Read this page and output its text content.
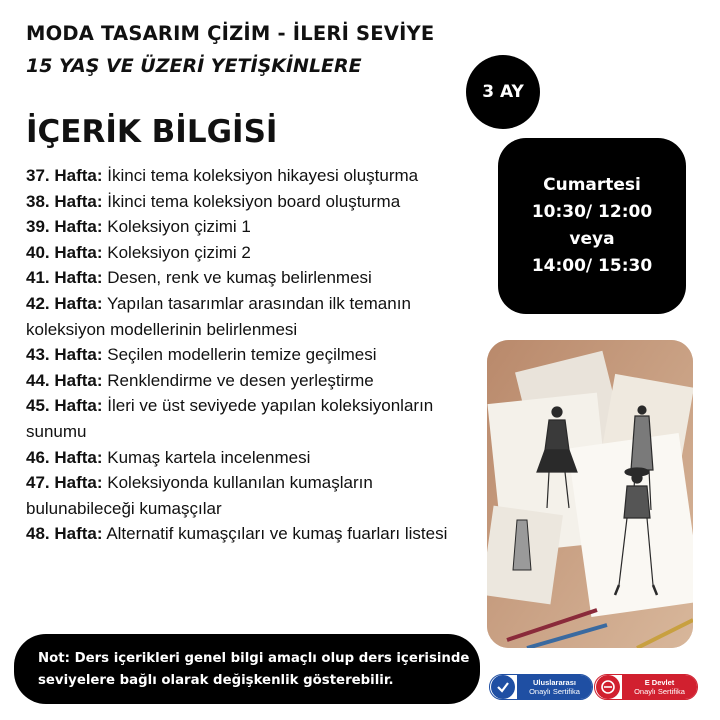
MODA TASARIM ÇİZİM - İLERİ SEVİYE
15 YAŞ VE ÜZERİ YETİŞKİNLERE
3 AY
İÇERİK BİLGİSİ
37. Hafta: İkinci tema koleksiyon hikayesi oluşturma
38. Hafta: İkinci tema koleksiyon board oluşturma
39. Hafta: Koleksiyon çizimi 1
40. Hafta: Koleksiyon çizimi 2
41. Hafta: Desen, renk ve kumaş belirlenmesi
42. Hafta: Yapılan tasarımlar arasından ilk temanın koleksiyon modellerinin belirlenmesi
43. Hafta: Seçilen modellerin temize geçilmesi
44. Hafta: Renklendirme ve desen yerleştirme
45. Hafta: İleri ve üst seviyede yapılan koleksiyonların sunumu
46. Hafta: Kumaş kartela incelenmesi
47. Hafta: Koleksiyonda kullanılan kumaşların bulunabileceği kumaşçılar
48. Hafta: Alternatif kumaşçıları ve kumaş fuarları listesi
Cumartesi
10:30/ 12:00
veya
14:00/ 15:30
Not: Ders içerikleri genel bilgi amaçlı olup ders içerisinde
seviyelere bağlı olarak değişkenlik gösterebilir.	Uluslararası
Onaylı Sertifika
E Devlet
Onaylı Sertifika
